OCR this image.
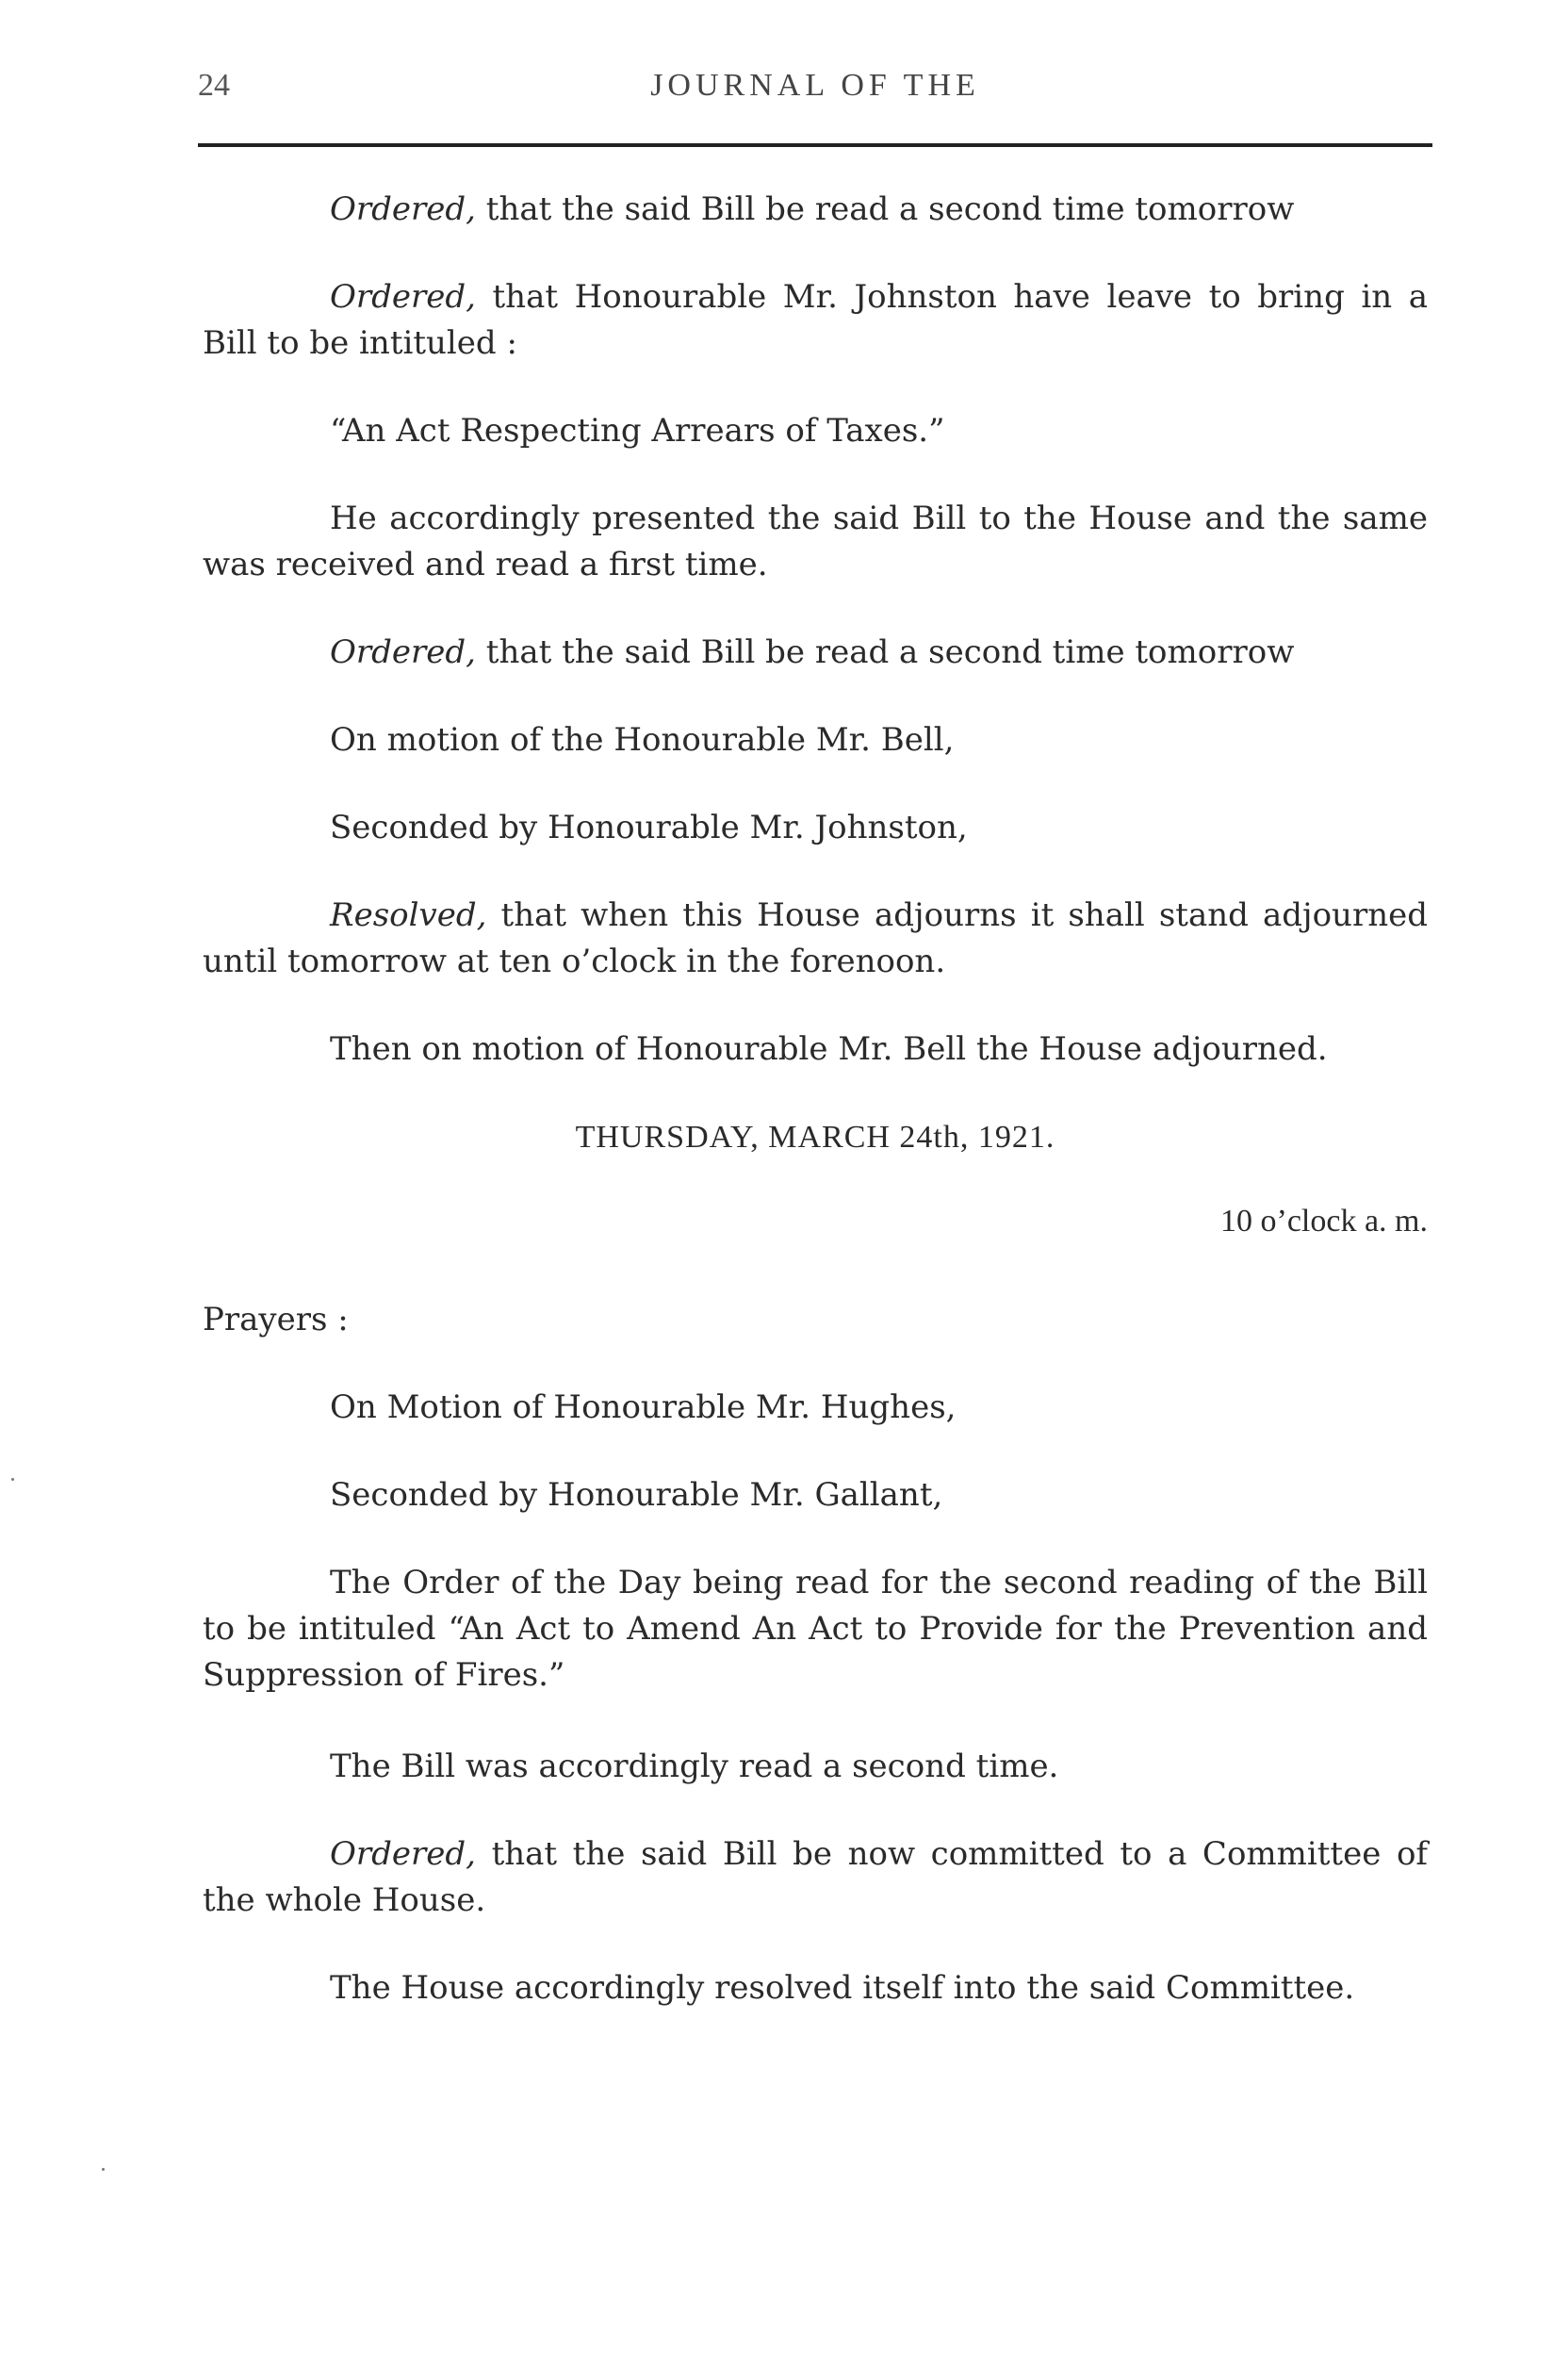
24	JOURNAL OF THE

Ordered, that the said Bill be read a second time tomorrow

Ordered, that Honourable Mr. Johnston have leave to bring in a Bill to be intituled :

“An Act Respecting Arrears of Taxes.”

He accordingly presented the said Bill to the House and the same was received and read a first time.

Ordered, that the said Bill be read a second time tomorrow

On motion of the Honourable Mr. Bell,

Seconded by Honourable Mr. Johnston,

Resolved, that when this House adjourns it shall stand adjourned until tomorrow at ten o’clock in the forenoon.

Then on motion of Honourable Mr. Bell the House adjourned.

THURSDAY, MARCH 24th, 1921.

10 o’clock a. m.

Prayers :

On Motion of Honourable Mr. Hughes,

Seconded by Honourable Mr. Gallant,

The Order of the Day being read for the second reading of the Bill to be intituled “An Act to Amend An Act to Provide for the Prevention and Suppression of Fires.”

The Bill was accordingly read a second time.

Ordered, that the said Bill be now committed to a Committee of the whole House.

The House accordingly resolved itself into the said Committee.
